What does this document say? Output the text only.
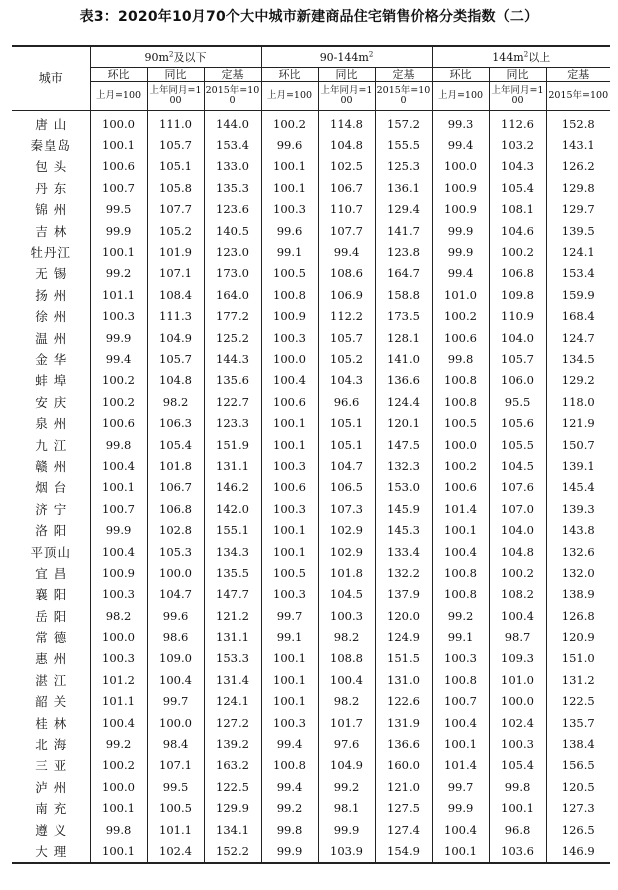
表3：2020年10月70个大中城市新建商品住宅销售价格分类指数（二）
城市	$90m^2$及以下			$90-144m^2$			$144m^2$以上		
	环比	同比	定基	环比	同比	定基	环比	同比	定基

	上月=100	上年同月=100	2015年=100	上月=100	上年同月=100	2015年=100	上月=100	上年同月=100	2015年=100

唐山	100.0	111.0	144.0	100.2	114.8	157.2	99.3	112.6	152.8
秦皇岛	100.1	105.7	153.4	99.6	104.8	155.5	99.4	103.2	143.1
包头	100.6	105.1	133.0	100.1	102.5	125.3	100.0	104.3	126.2
丹东	100.7	105.8	135.3	100.1	106.7	136.1	100.9	105.4	129.8
锦州	99.5	107.7	123.6	100.3	110.7	129.4	100.9	108.1	129.7
吉林	99.9	105.2	140.5	99.6	107.7	141.7	99.9	104.6	139.5
牡丹江	100.1	101.9	123.0	99.1	99.4	123.8	99.9	100.2	124.1
无锡	99.2	107.1	173.0	100.5	108.6	164.7	99.4	106.8	153.4
扬州	101.1	108.4	164.0	100.8	106.9	158.8	101.0	109.8	159.9
徐州	100.3	111.3	177.2	100.9	112.2	173.5	100.2	110.9	168.4
温州	99.9	104.9	125.2	100.3	105.7	128.1	100.6	104.0	124.7
金华	99.4	105.7	144.3	100.0	105.2	141.0	99.8	105.7	134.5
蚌埠	100.2	104.8	135.6	100.4	104.3	136.6	100.8	106.0	129.2
安庆	100.2	98.2	122.7	100.6	96.6	124.4	100.8	95.5	118.0
泉州	100.6	106.3	123.3	100.1	105.1	120.1	100.5	105.6	121.9
九江	99.8	105.4	151.9	100.1	105.1	147.5	100.0	105.5	150.7
赣州	100.4	101.8	131.1	100.3	104.7	132.3	100.2	104.5	139.1
烟台	100.1	106.7	146.2	100.6	106.5	153.0	100.6	107.6	145.4
济宁	100.7	106.8	142.0	100.3	107.3	145.9	101.4	107.0	139.3
洛阳	99.9	102.8	155.1	100.1	102.9	145.3	100.1	104.0	143.8
平顶山	100.4	105.3	134.3	100.1	102.9	133.4	100.4	104.8	132.6
宜昌	100.9	100.0	135.5	100.5	101.8	132.2	100.8	100.2	132.0
襄阳	100.3	104.7	147.7	100.3	104.5	137.9	100.8	108.2	138.9
岳阳	98.2	99.6	121.2	99.7	100.3	120.0	99.2	100.4	126.8
常德	100.0	98.6	131.1	99.1	98.2	124.9	99.1	98.7	120.9
惠州	100.3	109.0	153.3	100.1	108.8	151.5	100.3	109.3	151.0
湛江	101.2	100.4	131.4	100.1	100.4	131.0	100.8	101.0	131.2
韶关	101.1	99.7	124.1	100.1	98.2	122.6	100.7	100.0	122.5
桂林	100.4	100.0	127.2	100.3	101.7	131.9	100.4	102.4	135.7
北海	99.2	98.4	139.2	99.4	97.6	136.6	100.1	100.3	138.4
三亚	100.2	107.1	163.2	100.8	104.9	160.0	101.4	105.4	156.5
泸州	100.0	99.5	122.5	99.4	99.2	121.0	99.7	99.8	120.5
南充	100.1	100.5	129.9	99.2	98.1	127.5	99.9	100.1	127.3
遵义	99.8	101.1	134.1	99.8	99.9	127.4	100.4	96.8	126.5
大理	100.1	102.4	152.2	99.9	103.9	154.9	100.1	103.6	146.9
